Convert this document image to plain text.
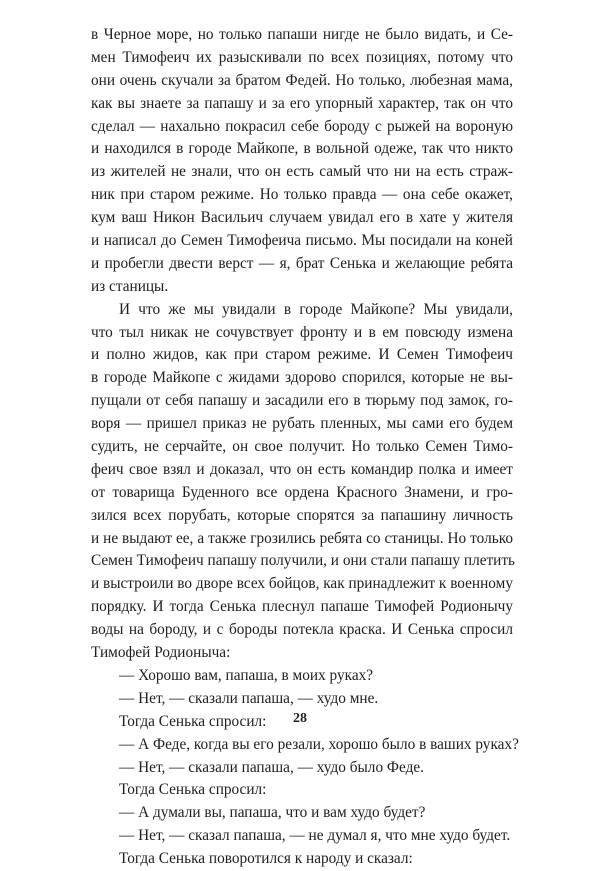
в Черное море, но только папаши нигде не было видать, и Се-
мен Тимофеич их разыскивали по всех позициях, потому что
они очень скучали за братом Федей. Но только, любезная мама,
как вы знаете за папашу и за его упорный характер, так он что
сделал — нахально покрасил себе бороду с рыжей на вороную
и находился в городе Майкопе, в вольной одеже, так что никто
из жителей не знали, что он есть самый что ни на есть страж-
ник при старом режиме. Но только правда — она себе окажет,
кум ваш Никон Васильич случаем увидал его в хате у жителя
и написал до Семен Тимофеича письмо. Мы посидали на коней
и пробегли двести верст — я, брат Сенька и желающие ребята
из станицы.
И что же мы увидали в городе Майкопе? Мы увидали,
что тыл никак не сочувствует фронту и в ем повсюду измена
и полно жидов, как при старом режиме. И Семен Тимофеич
в городе Майкопе с жидами здорово спорился, которые не вы-
пущали от себя папашу и засадили его в тюрьму под замок, го-
воря — пришел приказ не рубать пленных, мы сами его будем
судить, не серчайте, он свое получит. Но только Семен Тимо-
феич свое взял и доказал, что он есть командир полка и имеет
от товарища Буденного все ордена Красного Знамени, и гро-
зился всех порубать, которые спорятся за папашину личность
и не выдают ее, а также грозились ребята со станицы. Но только
Семен Тимофеич папашу получили, и они стали папашу плетить
и выстроили во дворе всех бойцов, как принадлежит к военному
порядку. И тогда Сенька плеснул папаше Тимофей Родионычу
воды на бороду, и с бороды потекла краска. И Сенька спросил
Тимофей Родионыча:
— Хорошо вам, папаша, в моих руках?
— Нет, — сказали папаша, — худо мне.
Тогда Сенька спросил:
— А Феде, когда вы его резали, хорошо было в ваших руках?
— Нет, — сказали папаша, — худо было Феде.
Тогда Сенька спросил:
— А думали вы, папаша, что и вам худо будет?
— Нет, — сказал папаша, — не думал я, что мне худо будет.
Тогда Сенька поворотился к народу и сказал:
28
